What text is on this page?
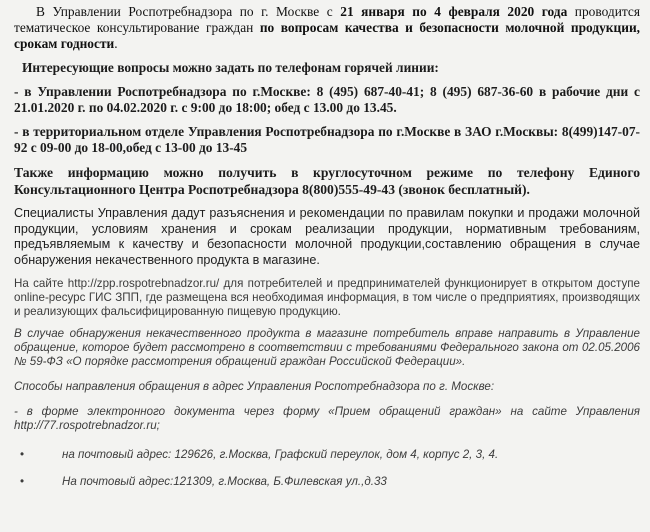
В Управлении Роспотребнадзора по г. Москве с 21 января по 4 февраля 2020 года проводится тематическое консультирование граждан по вопросам качества и безопасности молочной продукции, срокам годности.

Интересующие вопросы можно задать по телефонам горячей линии:

- в Управлении Роспотребнадзора по г.Москве: 8 (495) 687-40-41; 8 (495) 687-36-60 в рабочие дни с 21.01.2020 г. по 04.02.2020 г. с 9:00 до 18:00; обед с 13.00 до 13.45.

- в территориальном отделе Управления Роспотребнадзора по г.Москве в ЗАО г.Москвы: 8(499)147-07-92 с 09-00 до 18-00,обед с 13-00 до 13-45

Также информацию можно получить в круглосуточном режиме по телефону Единого Консультационного Центра Роспотребнадзора 8(800)555-49-43 (звонок бесплатный).

Специалисты Управления дадут разъяснения и рекомендации по правилам покупки и продажи молочной продукции, условиям хранения и срокам реализации продукции, нормативным требованиям, предъявляемым к качеству и безопасности молочной продукции,составлению обращения в случае обнаружения некачественного продукта в магазине.

На сайте http://zpp.rospotrebnadzor.ru/ для потребителей и предпринимателей функционирует в открытом доступе online-ресурс ГИС ЗПП, где размещена вся необходимая информация, в том числе о предприятиях, производящих и реализующих фальсифицированную пищевую продукцию.

В случае обнаружения некачественного продукта в магазине потребитель вправе направить в Управление обращение, которое будет рассмотрено в соответствии с требованиями Федерального закона от 02.05.2006 № 59-ФЗ «О порядке рассмотрения обращений граждан Российской Федерации».

Способы направления обращения в адрес Управления Роспотребнадзора по г. Москве:

- в форме электронного документа через форму «Прием обращений граждан» на сайте Управления http://77.rospotrebnadzor.ru;

•	на почтовый адрес: 129626, г.Москва, Графский переулок, дом 4, корпус 2, 3, 4.

•	На почтовый адрес:121309, г.Москва, Б.Филевская ул.,д.33
